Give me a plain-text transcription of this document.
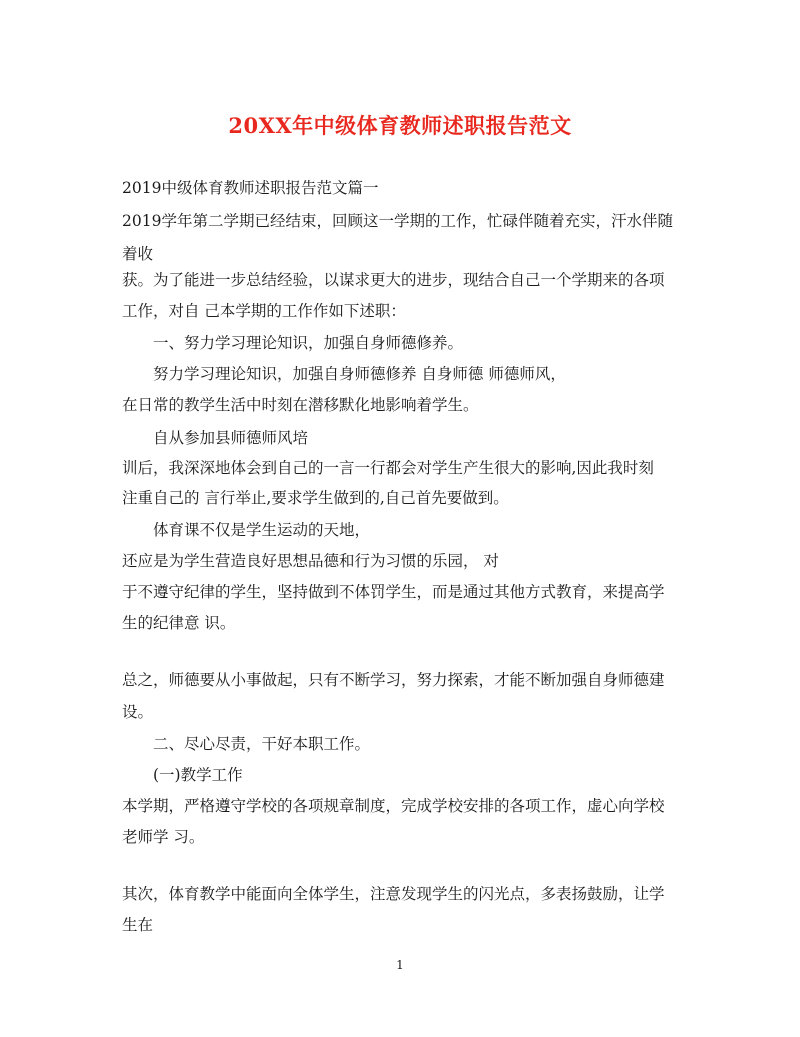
20XX年中级体育教师述职报告范文
2019中级体育教师述职报告范文篇一
2019学年第二学期已经结束，回顾这一学期的工作，忙碌伴随着充实，汗水伴随
着收
获。为了能进一步总结经验，以谋求更大的进步，现结合自己一个学期来的各项
工作，对自 己本学期的工作作如下述职：
一、努力学习理论知识，加强自身师德修养。
努力学习理论知识，加强自身师德修养 自身师德 师德师风，
在日常的教学生活中时刻在潜移默化地影响着学生。
自从参加县师德师风培
训后，我深深地体会到自己的一言一行都会对学生产生很大的影响,因此我时刻
注重自己的 言行举止,要求学生做到的,自己首先要做到。
体育课不仅是学生运动的天地，
还应是为学生营造良好思想品德和行为习惯的乐园， 对
于不遵守纪律的学生，坚持做到不体罚学生，而是通过其他方式教育，来提高学
生的纪律意 识。
总之，师德要从小事做起，只有不断学习，努力探索，才能不断加强自身师德建
设。
二、尽心尽责，干好本职工作。
(一)教学工作
本学期，严格遵守学校的各项规章制度，完成学校安排的各项工作，虚心向学校
老师学 习。
其次，体育教学中能面向全体学生，注意发现学生的闪光点，多表扬鼓励，让学
生在
1
